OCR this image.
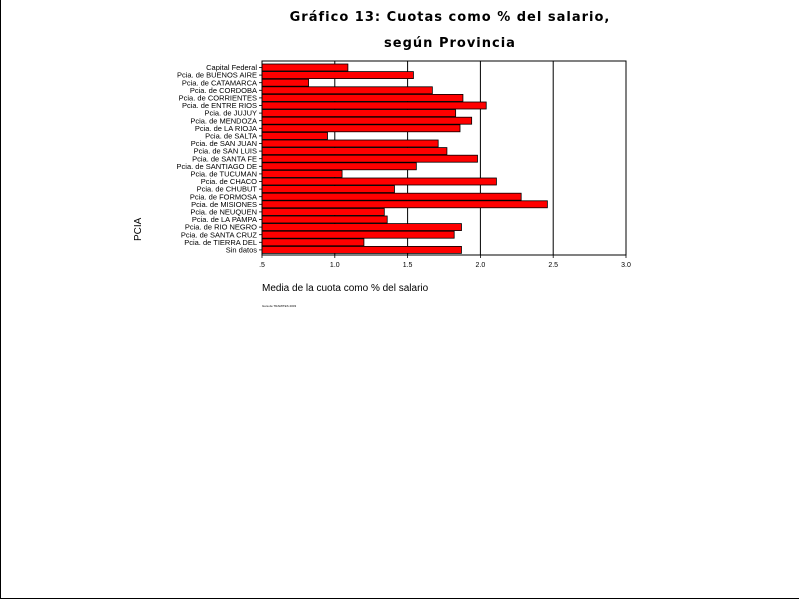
Gráfico 13: Cuotas como % del salario,
según Provincia
Capital Federal
Pcia. de BUENOS AIRE
Pcia. de CATAMARCA
Pcia. de CORDOBA
Pcia. de CORRIENTES
Pcia. de ENTRE RIOS
Pcia. de JUJUY
Pcia. de MENDOZA
Pcia. de LA RIOJA
Pcia. de SALTA
Pcia. de SAN JUAN
Pcia. de SAN LUIS
Pcia. de SANTA FE
Pcia. de SANTIAGO DE
Pcia. de TUCUMAN
Pcia. de CHACO
Pcia. de CHUBUT
Pcia. de FORMOSA
Pcia. de MISIONES
Pcia. de NEUQUEN
Pcia. de LA PAMPA
Pcia. de RIO NEGRO
Pcia. de SANTA CRUZ
Pcia. de TIERRA DEL
Sin datos
.5	1.0	1.5	2.0	2.5	3.0
Media de la cuota como % del salario
PCIA
Guía de TRAMITES 2003
